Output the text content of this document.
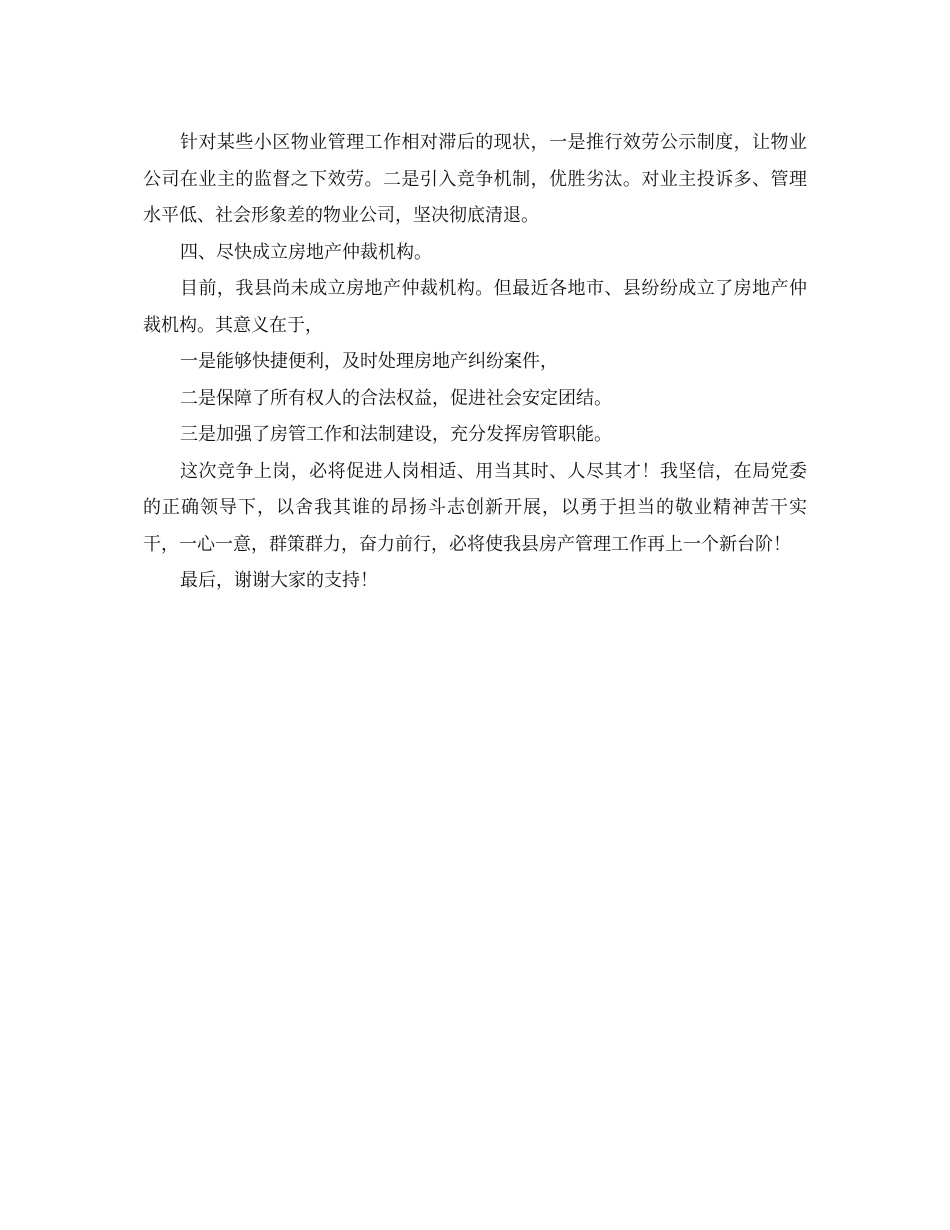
针对某些小区物业管理工作相对滞后的现状，一是推行效劳公示制度，让物业公司在业主的监督之下效劳。二是引入竞争机制，优胜劣汰。对业主投诉多、管理水平低、社会形象差的物业公司，坚决彻底清退。

四、尽快成立房地产仲裁机构。

目前，我县尚未成立房地产仲裁机构。但最近各地市、县纷纷成立了房地产仲裁机构。其意义在于，

一是能够快捷便利，及时处理房地产纠纷案件，

二是保障了所有权人的合法权益，促进社会安定团结。

三是加强了房管工作和法制建设，充分发挥房管职能。

这次竞争上岗，必将促进人岗相适、用当其时、人尽其才！我坚信，在局党委的正确领导下，以舍我其谁的昂扬斗志创新开展，以勇于担当的敬业精神苦干实干，一心一意，群策群力，奋力前行，必将使我县房产管理工作再上一个新台阶！

最后，谢谢大家的支持！
